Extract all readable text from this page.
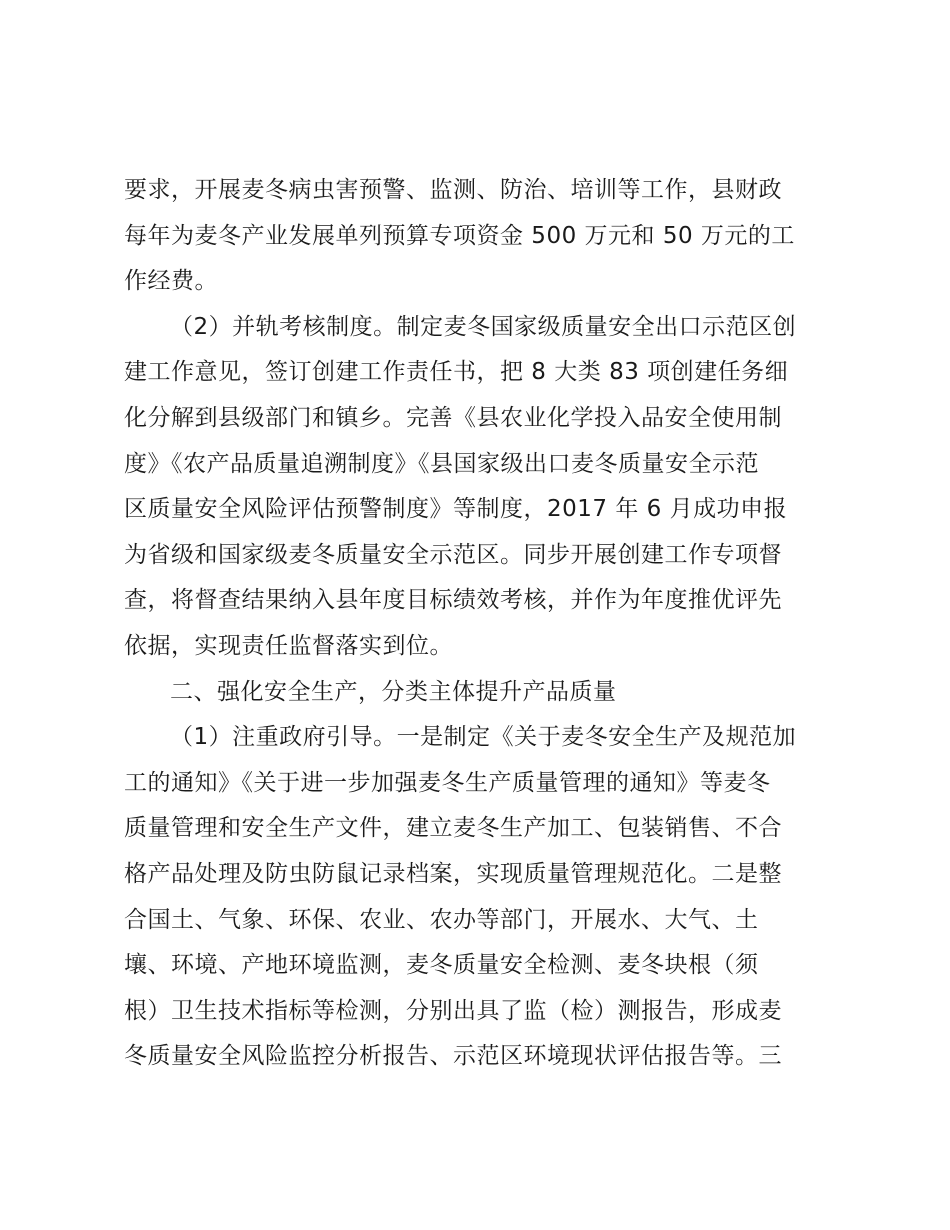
要求，开展麦冬病虫害预警、监测、防治、培训等工作，县财政
每年为麦冬产业发展单列预算专项资金 500 万元和 50 万元的工
作经费。
（2）并轨考核制度。制定麦冬国家级质量安全出口示范区创
建工作意见，签订创建工作责任书，把 8 大类 83 项创建任务细
化分解到县级部门和镇乡。完善《县农业化学投入品安全使用制
度》《农产品质量追溯制度》《县国家级出口麦冬质量安全示范
区质量安全风险评估预警制度》等制度，2017 年 6 月成功申报
为省级和国家级麦冬质量安全示范区。同步开展创建工作专项督
查，将督查结果纳入县年度目标绩效考核，并作为年度推优评先
依据，实现责任监督落实到位。
二、强化安全生产，分类主体提升产品质量
（1）注重政府引导。一是制定《关于麦冬安全生产及规范加
工的通知》《关于进一步加强麦冬生产质量管理的通知》等麦冬
质量管理和安全生产文件，建立麦冬生产加工、包装销售、不合
格产品处理及防虫防鼠记录档案，实现质量管理规范化。二是整
合国土、气象、环保、农业、农办等部门，开展水、大气、土
壤、环境、产地环境监测，麦冬质量安全检测、麦冬块根（须
根）卫生技术指标等检测，分别出具了监（检）测报告，形成麦
冬质量安全风险监控分析报告、示范区环境现状评估报告等。三
